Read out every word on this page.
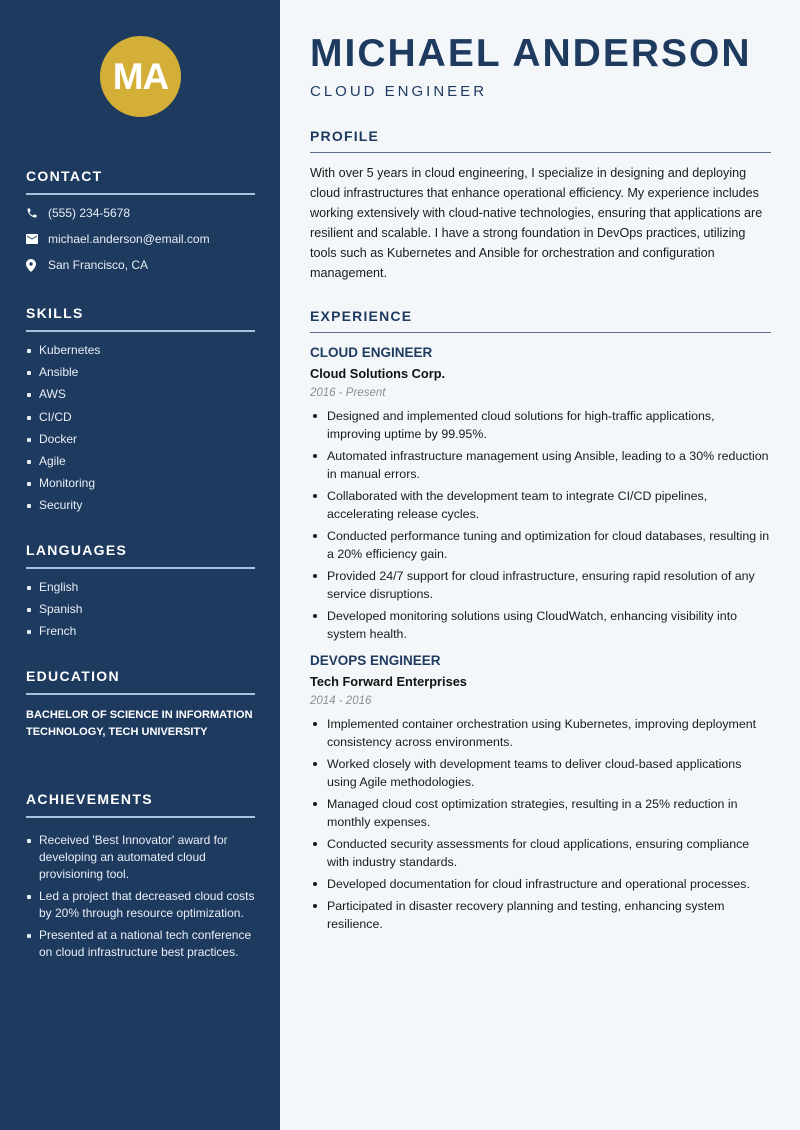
MA
CONTACT
(555) 234-5678
michael.anderson@email.com
San Francisco, CA
SKILLS
Kubernetes
Ansible
AWS
CI/CD
Docker
Agile
Monitoring
Security
LANGUAGES
English
Spanish
French
EDUCATION
BACHELOR OF SCIENCE IN INFORMATION TECHNOLOGY, TECH UNIVERSITY
ACHIEVEMENTS
Received 'Best Innovator' award for developing an automated cloud provisioning tool.
Led a project that decreased cloud costs by 20% through resource optimization.
Presented at a national tech conference on cloud infrastructure best practices.
MICHAEL ANDERSON
CLOUD ENGINEER
PROFILE

With over 5 years in cloud engineering, I specialize in designing and deploying cloud infrastructures that enhance operational efficiency. My experience includes working extensively with cloud-native technologies, ensuring that applications are resilient and scalable. I have a strong foundation in DevOps practices, utilizing tools such as Kubernetes and Ansible for orchestration and configuration management.

EXPERIENCE
CLOUD ENGINEER
Cloud Solutions Corp.
2016 - Present
Designed and implemented cloud solutions for high-traffic applications, improving uptime by 99.95%.
Automated infrastructure management using Ansible, leading to a 30% reduction in manual errors.
Collaborated with the development team to integrate CI/CD pipelines, accelerating release cycles.
Conducted performance tuning and optimization for cloud databases, resulting in a 20% efficiency gain.
Provided 24/7 support for cloud infrastructure, ensuring rapid resolution of any service disruptions.
Developed monitoring solutions using CloudWatch, enhancing visibility into system health.
DEVOPS ENGINEER
Tech Forward Enterprises
2014 - 2016
Implemented container orchestration using Kubernetes, improving deployment consistency across environments.
Worked closely with development teams to deliver cloud-based applications using Agile methodologies.
Managed cloud cost optimization strategies, resulting in a 25% reduction in monthly expenses.
Conducted security assessments for cloud applications, ensuring compliance with industry standards.
Developed documentation for cloud infrastructure and operational processes.
Participated in disaster recovery planning and testing, enhancing system resilience.
